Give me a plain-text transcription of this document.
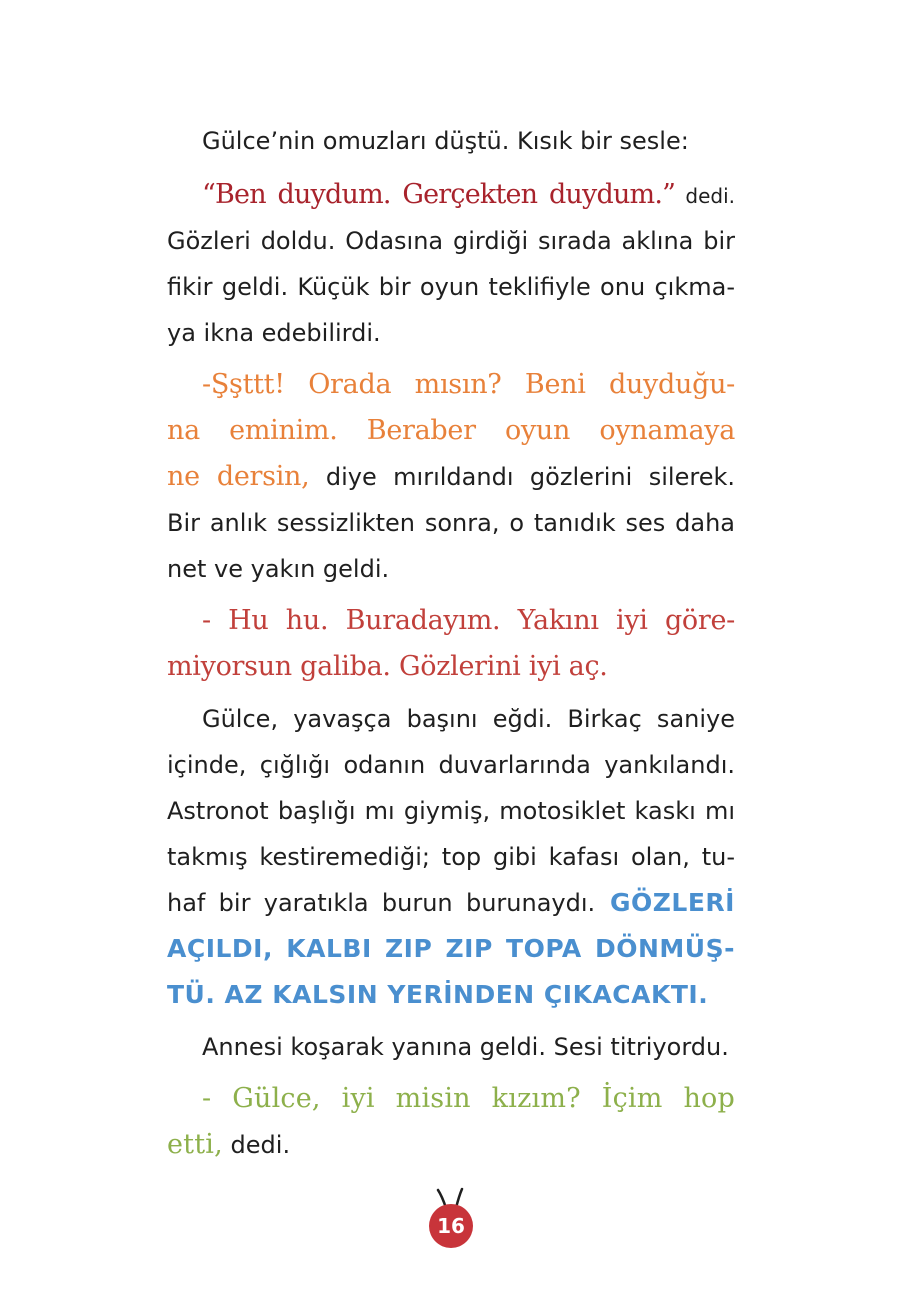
Gülce’nin omuzları düştü. Kısık bir sesle:
“Ben duydum. Gerçekten duydum.” dedi.
Gözleri doldu. Odasına girdiği sırada aklına bir
fikir geldi. Küçük bir oyun teklifiyle onu çıkma-
ya ikna edebilirdi.
-Şşttt! Orada mısın? Beni duyduğu-
na eminim. Beraber oyun oynamaya
ne dersin, diye mırıldandı gözlerini silerek.
Bir anlık sessizlikten sonra, o tanıdık ses daha
net ve yakın geldi.
- Hu hu. Buradayım. Yakını iyi göre-
miyorsun galiba. Gözlerini iyi aç.
Gülce, yavaşça başını eğdi. Birkaç saniye
içinde, çığlığı odanın duvarlarında yankılandı.
Astronot başlığı mı giymiş, motosiklet kaskı mı
takmış kestiremediği; top gibi kafası olan, tu-
haf bir yaratıkla burun burunaydı. GÖZLERİ
AÇILDI, KALBI ZIP ZIP TOPA DÖNMÜŞ-
TÜ. AZ KALSIN YERİNDEN ÇIKACAKTI.
Annesi koşarak yanına geldi. Sesi titriyordu.
- Gülce, iyi misin kızım? İçim hop
etti, dedi.
16
